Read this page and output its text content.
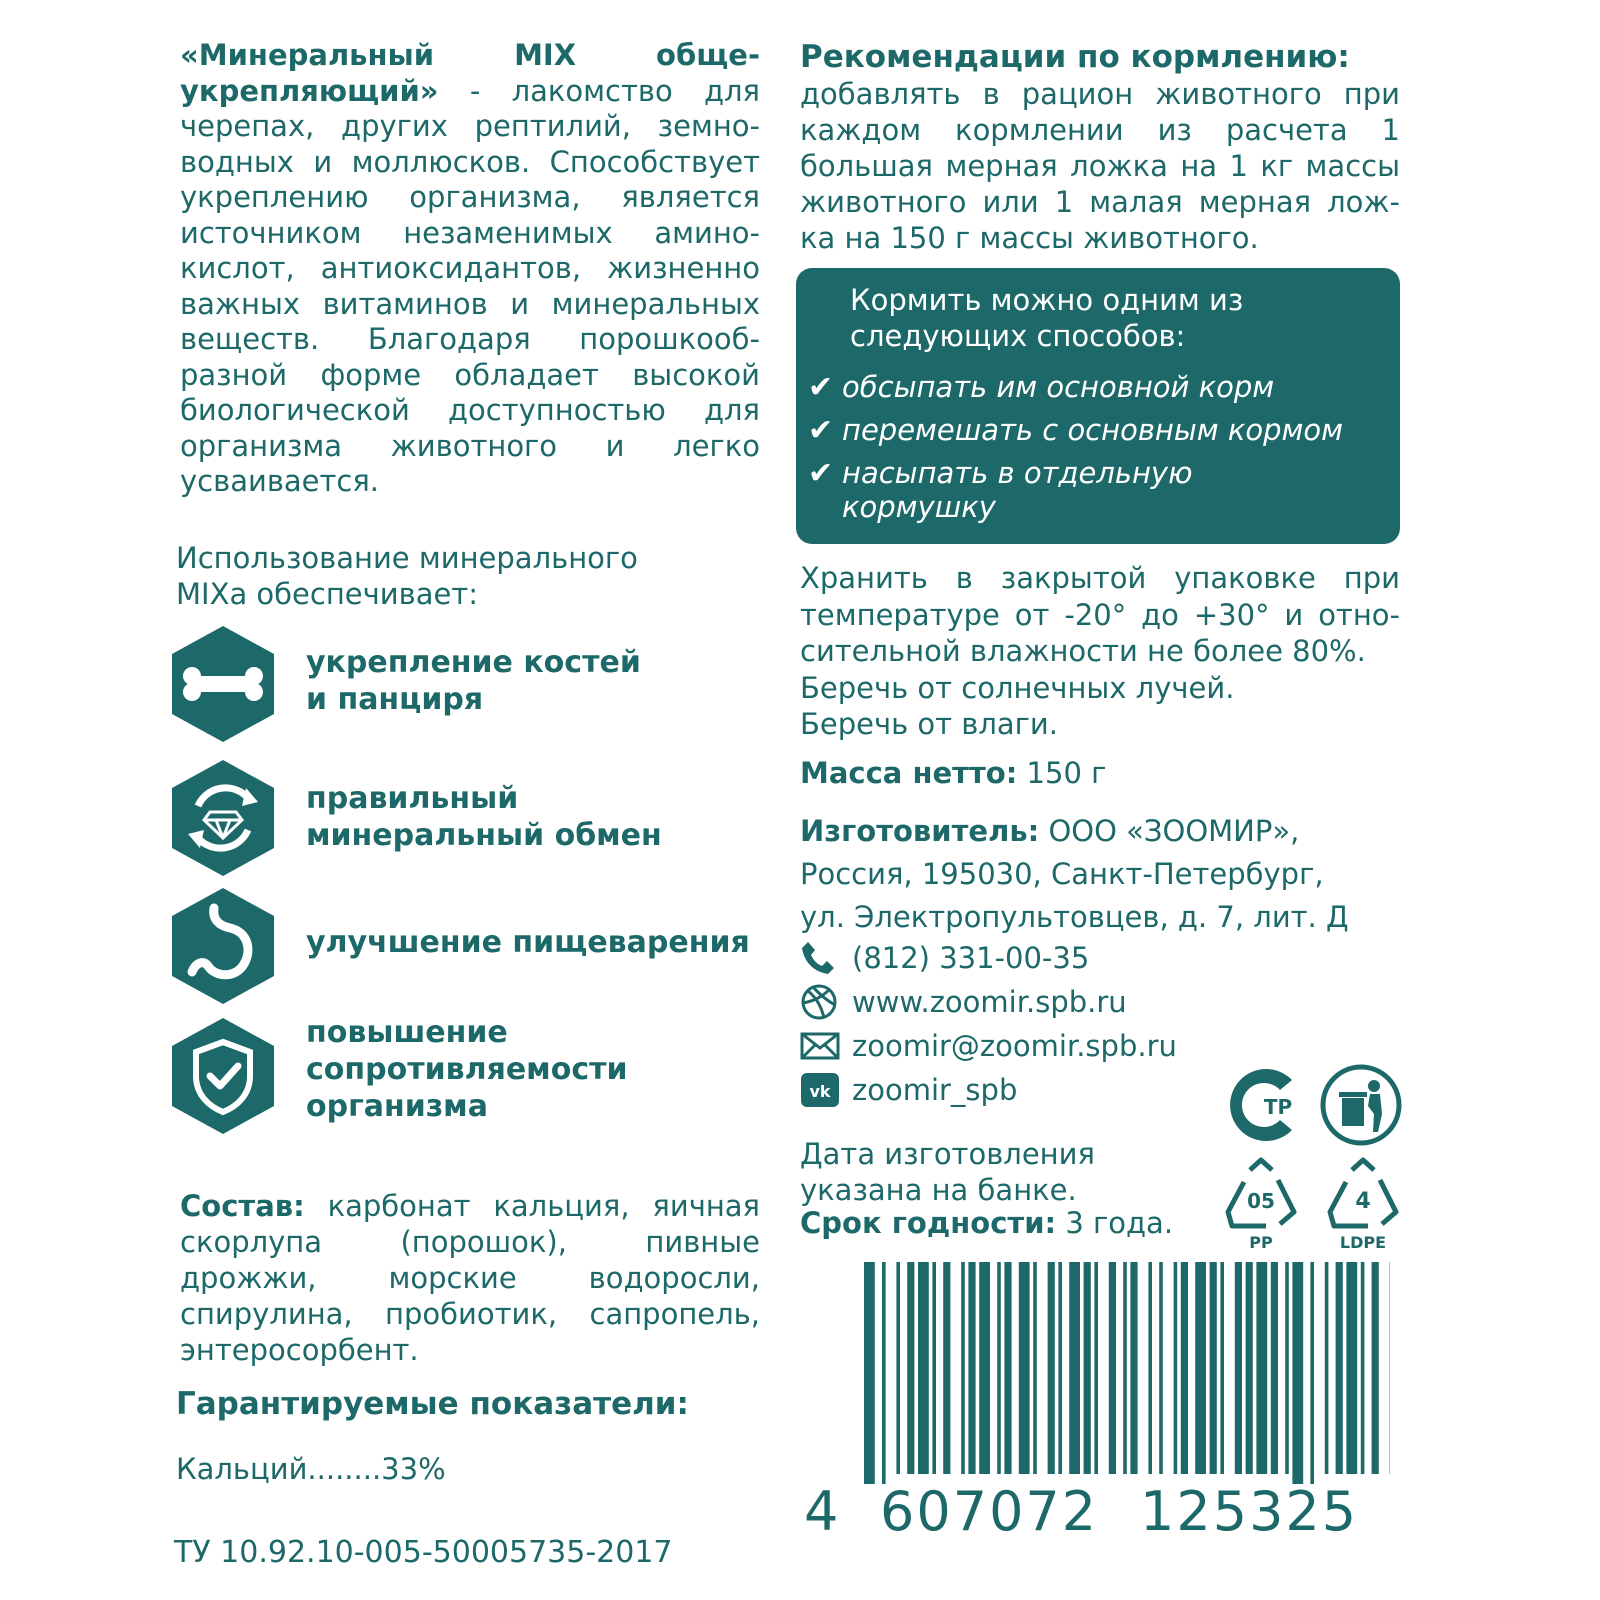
«Минеральный MIX обще-укрепляющий» - лакомство для черепах, других рептилий, земно-водных и моллюсков. Способствует укреплению организма, является источником незаменимых амино-кислот, антиоксидантов, жизненно важных витаминов и минеральных веществ. Благодаря порошкооб-разной форме обладает высокой биологической доступностью для организма животного и легко усваивается.

Использование минерального
MIXа обеспечивает:
укрепление костей
и панциря
правильный
минеральный обмен
улучшение пищеварения
повышение
сопротивляемости
организма
Состав: карбонат кальция, яичная скорлупа (порошок), пивные дрожжи, морские водоросли, спирулина, пробиотик, сапропель, энтеросорбент.
Гарантируемые показатели:
Кальций........33%
ТУ 10.92.10-005-50005735-2017

Рекомендации по кормлению:

добавлять в рацион животного при каждом кормлении из расчета 1 большая мерная ложка на 1 кг массы животного или 1 малая мерная лож-ка на 150 г массы животного.

Кормить можно одним из
следующих способов:
✔ обсыпать им основной корм
✔ перемешать с основным кормом
✔ насыпать в отдельную
кормушку
Хранить в закрытой упаковке при температуре от -20° до +30° и отно-сительной влажности не более 80%.
Беречь от солнечных лучей.
Беречь от влаги.
Масса нетто: 150 г
Изготовитель: ООО «ЗООМИР»,
Россия, 195030, Санкт-Петербург,
ул. Электропультовцев, д. 7, лит. Д
(812) 331-00-35
www.zoomir.spb.ru
zoomir@zoomir.spb.ru
vk zoomir_spb	ТР
05
PP
4
LDPE
Дата изготовления
указана на банке.
Срок годности: 3 года.
4 607072 125325
